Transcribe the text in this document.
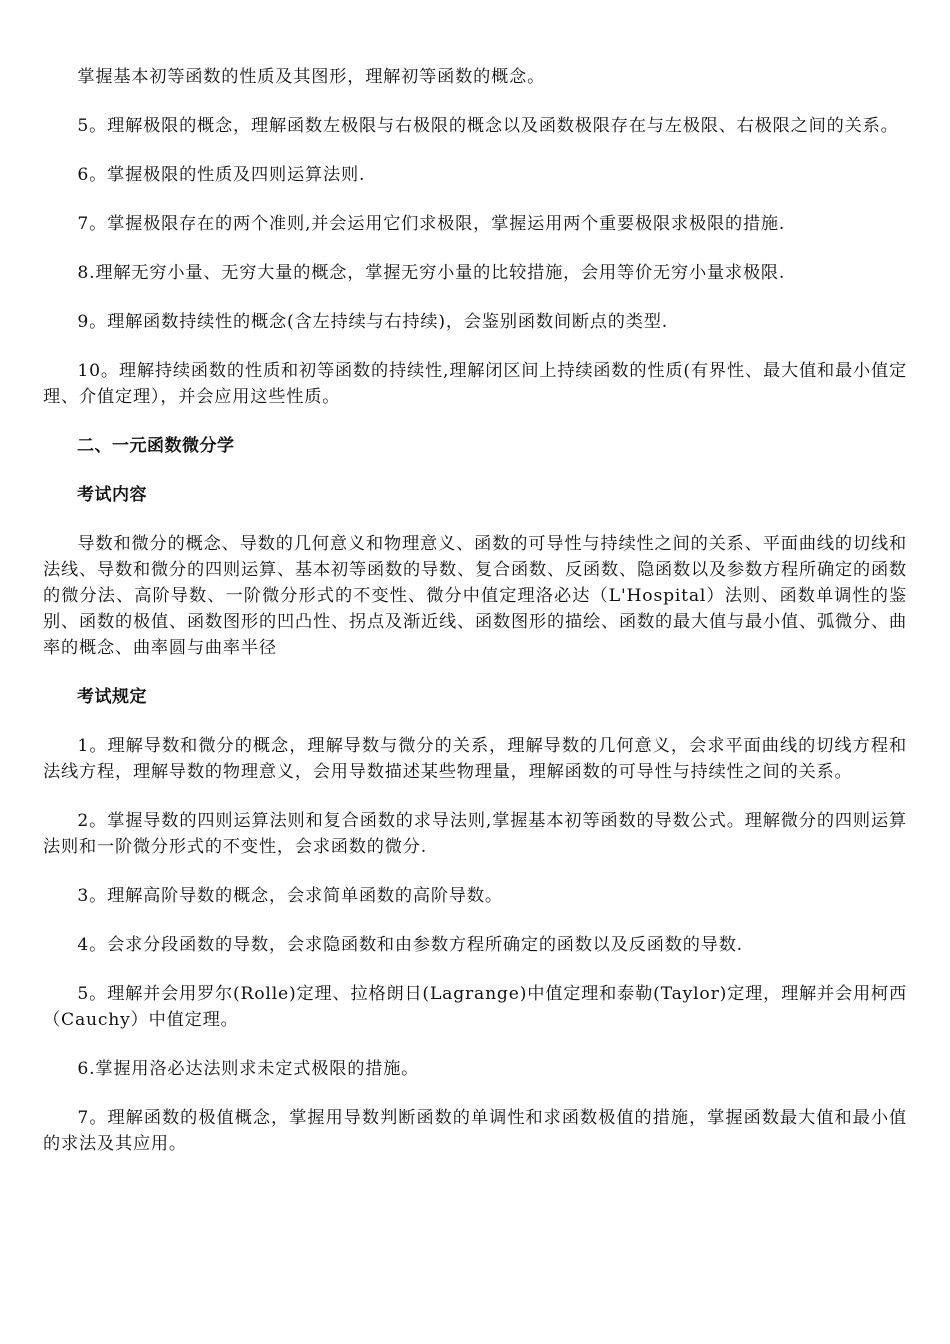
掌握基本初等函数的性质及其图形，理解初等函数的概念。

5。理解极限的概念，理解函数左极限与右极限的概念以及函数极限存在与左极限、右极限之间的关系。

6。掌握极限的性质及四则运算法则.

7。掌握极限存在的两个准则,并会运用它们求极限，掌握运用两个重要极限求极限的措施.

8.理解无穷小量、无穷大量的概念，掌握无穷小量的比较措施，会用等价无穷小量求极限.

9。理解函数持续性的概念(含左持续与右持续)，会鉴别函数间断点的类型.

10。理解持续函数的性质和初等函数的持续性,理解闭区间上持续函数的性质(有界性、最大值和最小值定理、介值定理），并会应用这些性质。

二、一元函数微分学

考试内容

导数和微分的概念、导数的几何意义和物理意义、函数的可导性与持续性之间的关系、平面曲线的切线和法线、导数和微分的四则运算、基本初等函数的导数、复合函数、反函数、隐函数以及参数方程所确定的函数的微分法、高阶导数、一阶微分形式的不变性、微分中值定理洛必达（L'Hospital）法则、函数单调性的鉴别、函数的极值、函数图形的凹凸性、拐点及渐近线、函数图形的描绘、函数的最大值与最小值、弧微分、曲率的概念、曲率圆与曲率半径

考试规定

1。理解导数和微分的概念，理解导数与微分的关系，理解导数的几何意义，会求平面曲线的切线方程和法线方程，理解导数的物理意义，会用导数描述某些物理量，理解函数的可导性与持续性之间的关系。

2。掌握导数的四则运算法则和复合函数的求导法则,掌握基本初等函数的导数公式。理解微分的四则运算法则和一阶微分形式的不变性，会求函数的微分.

3。理解高阶导数的概念，会求简单函数的高阶导数。

4。会求分段函数的导数，会求隐函数和由参数方程所确定的函数以及反函数的导数.

5。理解并会用罗尔(Rolle)定理、拉格朗日(Lagrange)中值定理和泰勒(Taylor)定理，理解并会用柯西（Cauchy）中值定理。

6.掌握用洛必达法则求未定式极限的措施。

7。理解函数的极值概念，掌握用导数判断函数的单调性和求函数极值的措施，掌握函数最大值和最小值的求法及其应用。
